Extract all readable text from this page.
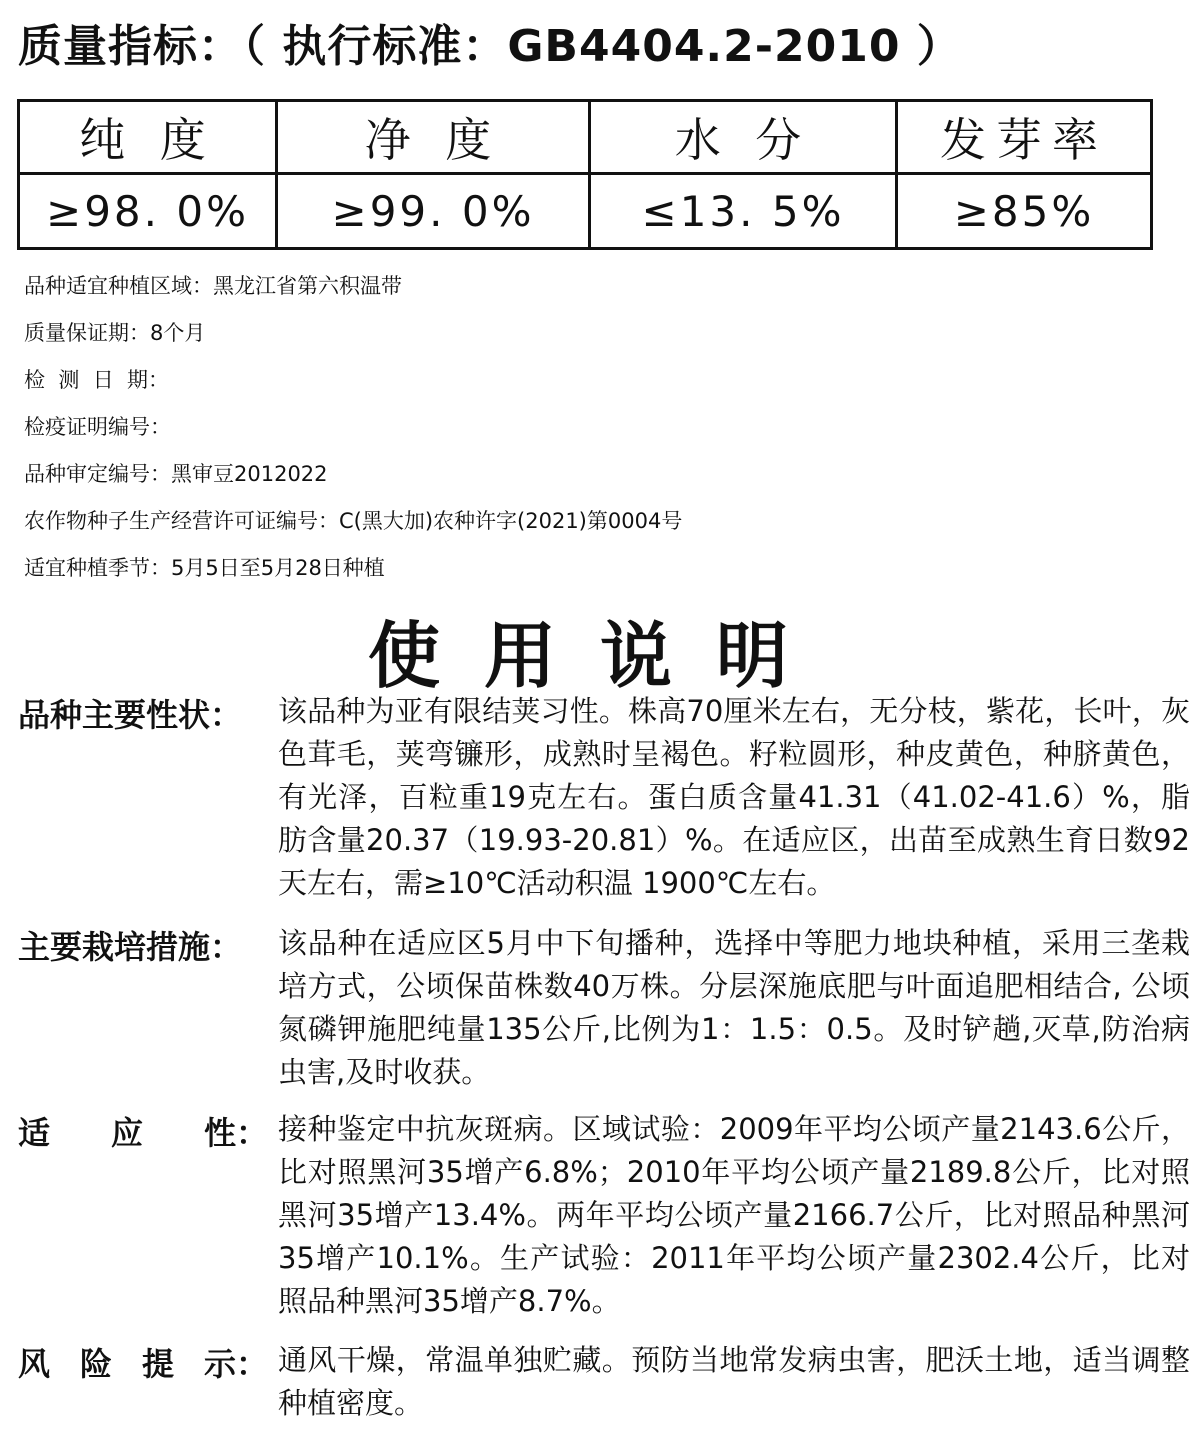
质量指标：（ 执行标准：GB4404.2-2010 ）
纯 度	净 度	水 分	发芽率
≥98. 0%	≥99. 0%	≤13. 5%	≥85%
品种适宜种植区域：黑龙江省第六积温带
质量保证期：8个月
检  测  日  期：
检疫证明编号：
品种审定编号：黑审豆2012022
农作物种子生产经营许可证编号：C(黑大加)农种许字(2021)第0004号
适宜种植季节：5月5日至5月28日种植
使用说明
品种主要性状： 该品种为亚有限结荚习性。株高70厘米左右，无分枝，紫花，长叶，灰色茸毛，荚弯镰形，成熟时呈褐色。籽粒圆形，种皮黄色，种脐黄色，有光泽，百粒重19克左右。蛋白质含量41.31（41.02-41.6）%，脂肪含量20.37（19.93-20.81）%。在适应区，出苗至成熟生育日数92天左右，需≥10℃活动积温 1900℃左右。
主要栽培措施： 该品种在适应区5月中下旬播种，选择中等肥力地块种植，采用三垄栽培方式，公顷保苗株数40万株。分层深施底肥与叶面追肥相结合, 公顷氮磷钾施肥纯量135公斤,比例为1：1.5：0.5。及时铲趟,灭草,防治病虫害,及时收获。
适 应 性： 接种鉴定中抗灰斑病。区域试验：2009年平均公顷产量2143.6公斤，比对照黑河35增产6.8%；2010年平均公顷产量2189.8公斤，比对照黑河35增产13.4%。两年平均公顷产量2166.7公斤，比对照品种黑河35增产10.1%。生产试验：2011年平均公顷产量2302.4公斤，比对照品种黑河35增产8.7%。
风 险 提 示： 通风干燥，常温单独贮藏。预防当地常发病虫害，肥沃土地，适当调整种植密度。
